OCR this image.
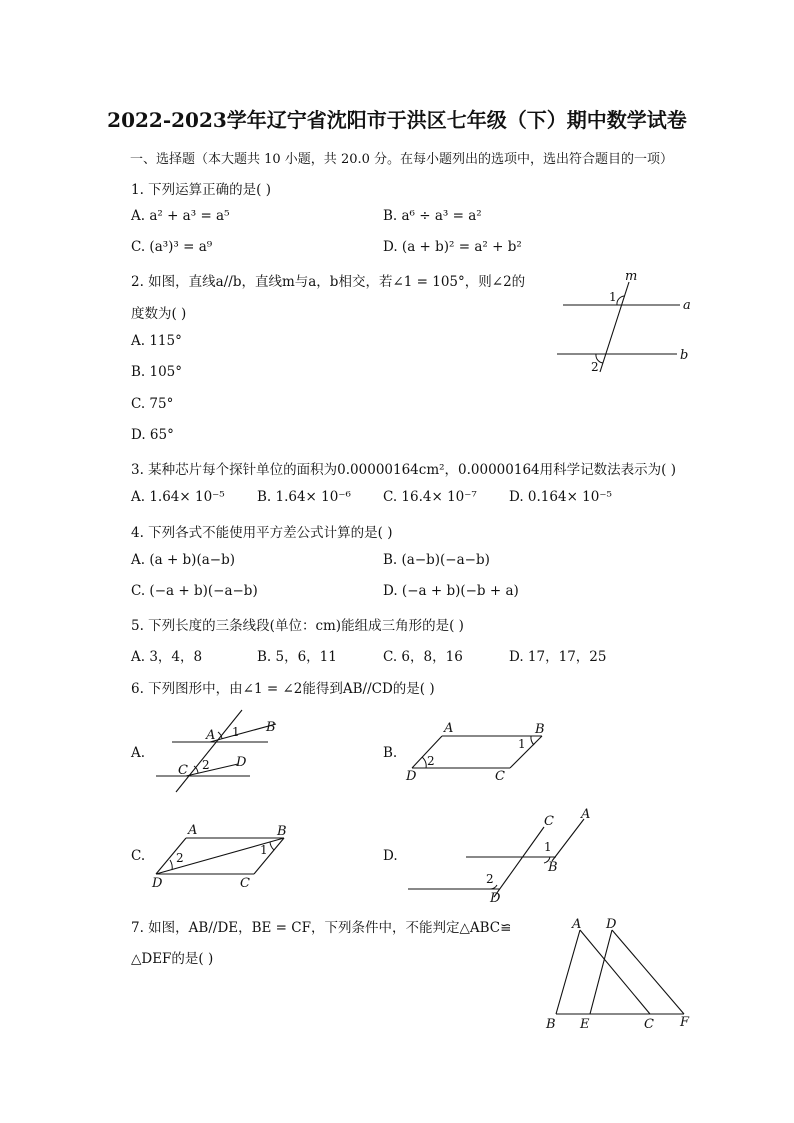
2022-2023学年辽宁省沈阳市于洪区七年级（下）期中数学试卷
一、选择题（本大题共 10 小题，共 20.0 分。在每小题列出的选项中，选出符合题目的一项）
1. 下列运算正确的是( )
A. a² + a³ = a⁵	B. a⁶ ÷ a³ = a²
C. (a³)³ = a⁹	D. (a + b)² = a² + b²
2. 如图，直线a//b，直线m与a，b相交，若∠1 = 105°，则∠2的
度数为( )
A. 115°
B. 105°
C. 75°
D. 65°
m
a
b
1
2
3. 某种芯片每个探针单位的面积为0.00000164cm²，0.00000164用科学记数法表示为( )
A. 1.64× 10⁻⁵ B. 1.64× 10⁻⁶ C. 16.4× 10⁻⁷ D. 0.164× 10⁻⁵
4. 下列各式不能使用平方差公式计算的是( )
A. (a + b)(a−b)	B. (a−b)(−a−b)
C. (−a + b)(−a−b)	D. (−a + b)(−b + a)
5. 下列长度的三条线段(单位：cm)能组成三角形的是( )
A. 3，4，8	B. 5，6，11	C. 6，8，16	D. 17，17，25
6. 下列图形中，由∠1 = ∠2能得到AB//CD的是( )
A.	B.
C.	D.
A
B
C
D
1
2
A	B
C
D
1
2
A	B
C
D
1
2
C A
B
D
1
2
7. 如图，AB//DE，BE = CF，下列条件中，不能判定△ABC≌
△DEF的是( )
A D
B E	C F
